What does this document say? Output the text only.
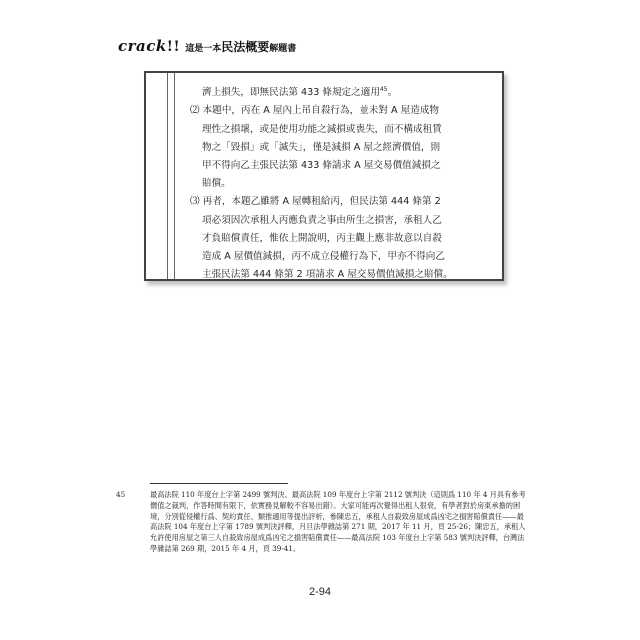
crack!! 這是一本民法概要解題書
濟上損失，即無民法第 433 條規定之適用$^{45}$。
⑵ 本題中，丙在 A 屋內上吊自殺行為，並未對 A 屋造成物
理性之損壞，或是使用功能之減損或喪失，而不構成租賃
物之「毀損」或「滅失」，僅是減損 A 屋之經濟價值，則
甲不得向乙主張民法第 433 條請求 A 屋交易價值減損之
賠償。
⑶ 再者，本題乙雖將 A 屋轉租給丙，但民法第 444 條第 2
項必須因次承租人丙應負責之事由所生之損害，承租人乙
才負賠償責任，惟依上開說明，丙主觀上應非故意以自殺
造成 A 屋價值減損，丙不成立侵權行為下，甲亦不得向乙
主張民法第 444 條第 2 項請求 A 屋交易價值減損之賠償。
45	最高法院 110 年度台上字第 2499 號判決、最高法院 109 年度台上字第 2112 號判決（這則爲 110 年 4 月具有參考價值之裁判，作答時間有限下，依實務見解較不容易出錯）。大家可能再次覺得出租人很衰，有學者對於房東承擔的困境，分別從侵權行爲、契約責任、類推適用等提出評析，參陳忠五，承租人自殺致房屋成爲凶宅之損害賠償責任——最高法院 104 年度台上字第 1789 號判決評釋，月旦法學雜誌第 271 期，2017 年 11 月，頁 25-26；陳忠五，承租人允許使用房屋之第三人自殺致房屋成爲凶宅之損害賠償責任——最高法院 103 年度台上字第 583 號判決評釋，台灣法學雜誌第 269 期，2015 年 4 月，頁 39-41。
2-94
